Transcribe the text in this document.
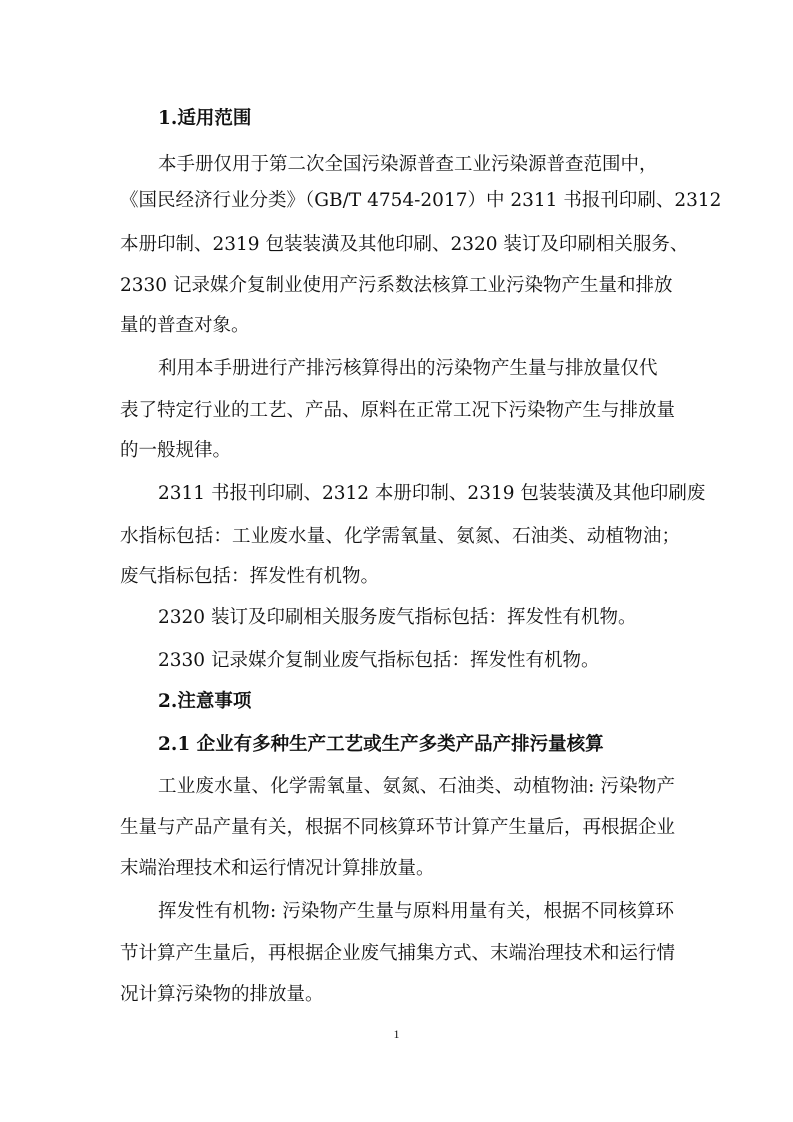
1.适用范围

本手册仅用于第二次全国污染源普查工业污染源普查范围中，

《国民经济行业分类》（GB/T 4754-2017）中 2311 书报刊印刷、2312

本册印制、2319 包装装潢及其他印刷、2320 装订及印刷相关服务、

2330 记录媒介复制业使用产污系数法核算工业污染物产生量和排放

量的普查对象。

利用本手册进行产排污核算得出的污染物产生量与排放量仅代

表了特定行业的工艺、产品、原料在正常工况下污染物产生与排放量

的一般规律。

2311 书报刊印刷、2312 本册印制、2319 包装装潢及其他印刷废

水指标包括：工业废水量、化学需氧量、氨氮、石油类、动植物油；

废气指标包括：挥发性有机物。

2320 装订及印刷相关服务废气指标包括：挥发性有机物。

2330 记录媒介复制业废气指标包括：挥发性有机物。

2.注意事项

2.1 企业有多种生产工艺或生产多类产品产排污量核算

工业废水量、化学需氧量、氨氮、石油类、动植物油: 污染物产

生量与产品产量有关，根据不同核算环节计算产生量后，再根据企业

末端治理技术和运行情况计算排放量。

挥发性有机物: 污染物产生量与原料用量有关，根据不同核算环

节计算产生量后，再根据企业废气捕集方式、末端治理技术和运行情

况计算污染物的排放量。

1
